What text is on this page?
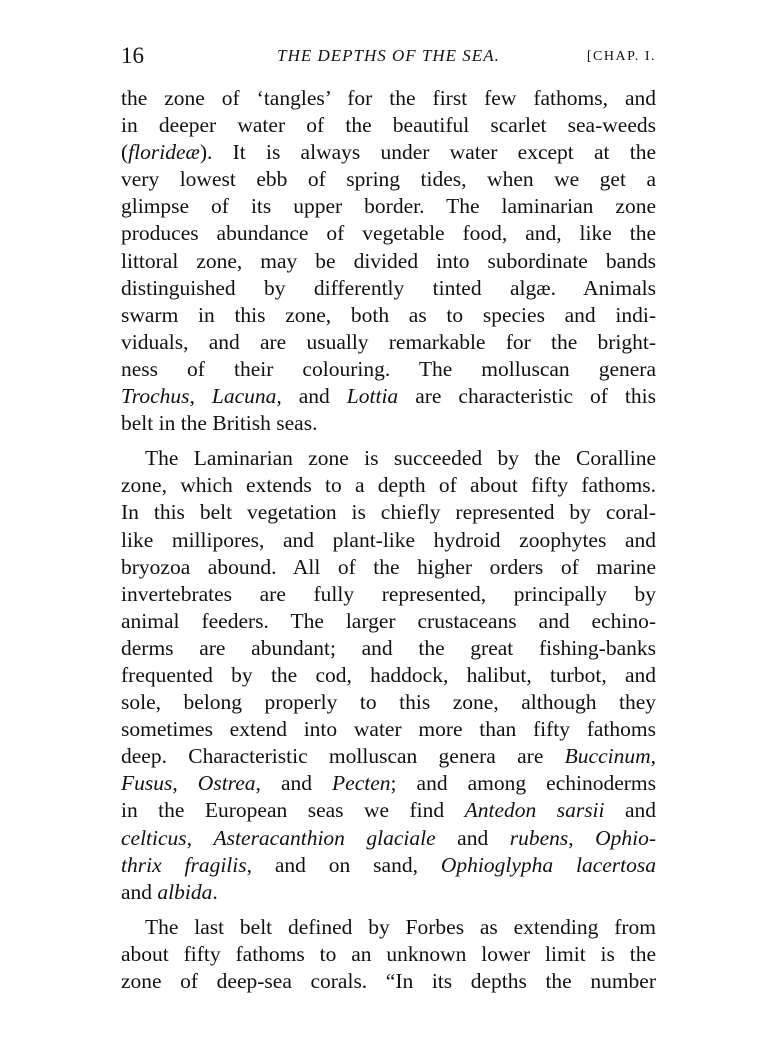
16	THE DEPTHS OF THE SEA.	[CHAP. I.
the zone of ‘tangles’ for the first few fathoms, and
in deeper water of the beautiful scarlet sea-weeds
(florideæ). It is always under water except at the
very lowest ebb of spring tides, when we get a
glimpse of its upper border. The laminarian zone
produces abundance of vegetable food, and, like the
littoral zone, may be divided into subordinate bands
distinguished by differently tinted algæ. Animals
swarm in this zone, both as to species and indi-
viduals, and are usually remarkable for the bright-
ness of their colouring. The molluscan genera
Trochus, Lacuna, and Lottia are characteristic of this
belt in the British seas.
The Laminarian zone is succeeded by the Coralline
zone, which extends to a depth of about fifty fathoms.
In this belt vegetation is chiefly represented by coral-
like millipores, and plant-like hydroid zoophytes and
bryozoa abound. All of the higher orders of marine
invertebrates are fully represented, principally by
animal feeders. The larger crustaceans and echino-
derms are abundant; and the great fishing-banks
frequented by the cod, haddock, halibut, turbot, and
sole, belong properly to this zone, although they
sometimes extend into water more than fifty fathoms
deep. Characteristic molluscan genera are Buccinum,
Fusus, Ostrea, and Pecten; and among echinoderms
in the European seas we find Antedon sarsii and
celticus, Asteracanthion glaciale and rubens, Ophio-
thrix fragilis, and on sand, Ophioglypha lacertosa
and albida.
The last belt defined by Forbes as extending from
about fifty fathoms to an unknown lower limit is the
zone of deep-sea corals. “In its depths the number
